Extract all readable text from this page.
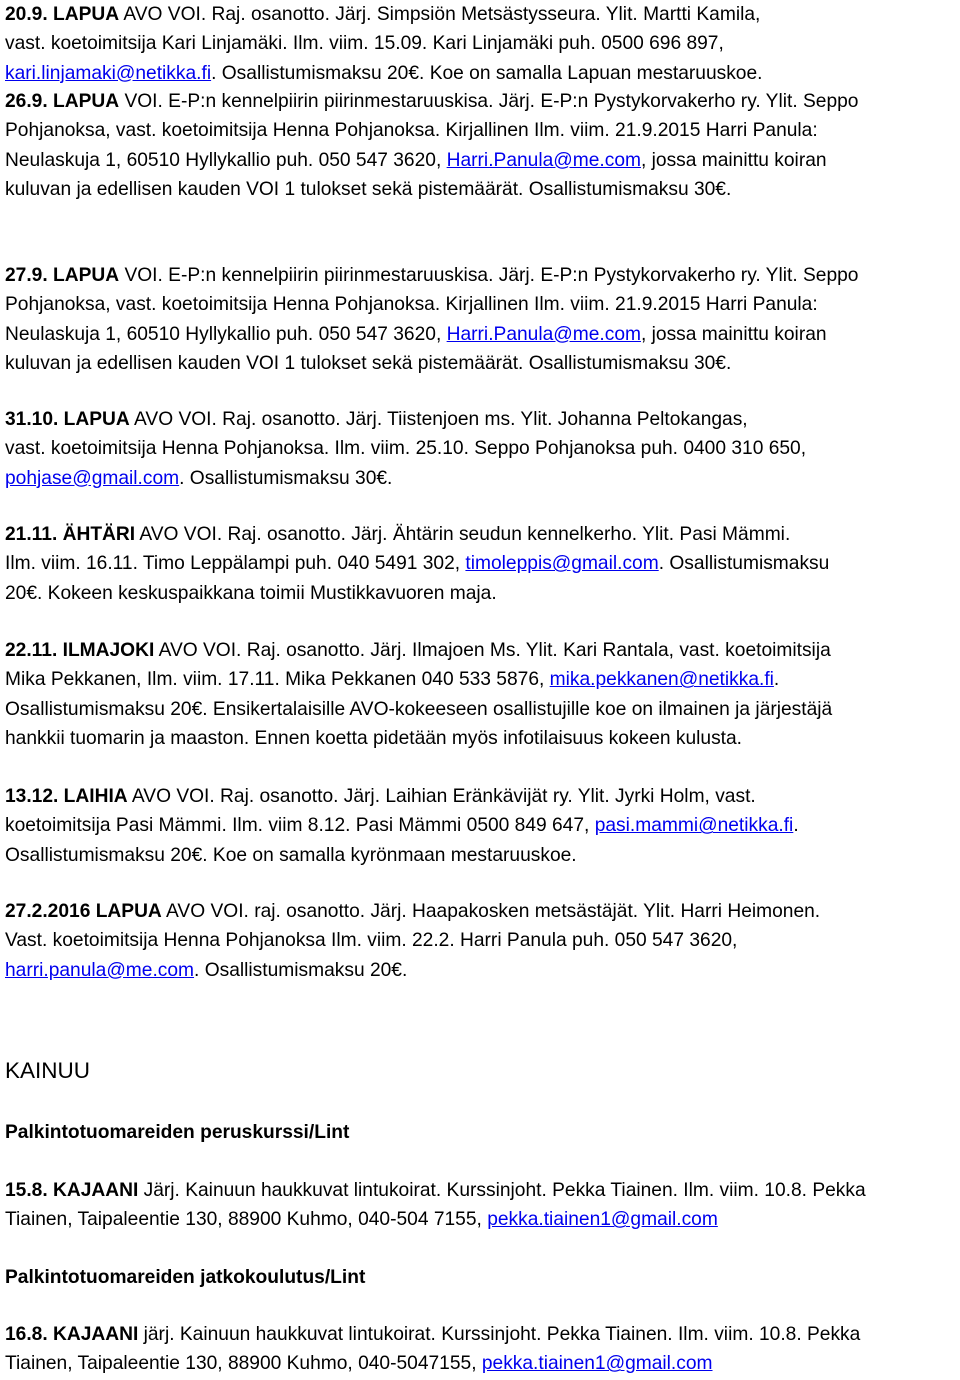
20.9. LAPUA AVO VOI. Raj. osanotto. Järj. Simpsiön Metsästysseura. Ylit. Martti Kamila,

vast. koetoimitsija Kari Linjamäki. Ilm. viim. 15.09. Kari Linjamäki puh. 0500 696 897,

kari.linjamaki@netikka.fi. Osallistumismaksu 20€. Koe on samalla Lapuan mestaruuskoe.

26.9. LAPUA VOI. E-P:n kennelpiirin piirinmestaruuskisa. Järj. E-P:n Pystykorvakerho ry. Ylit. Seppo

Pohjanoksa, vast. koetoimitsija Henna Pohjanoksa. Kirjallinen Ilm. viim. 21.9.2015 Harri Panula:

Neulaskuja 1, 60510 Hyllykallio puh. 050 547 3620, Harri.Panula@me.com, jossa mainittu koiran

kuluvan ja edellisen kauden VOI 1 tulokset sekä pistemäärät. Osallistumismaksu 30€.

27.9. LAPUA VOI. E-P:n kennelpiirin piirinmestaruuskisa. Järj. E-P:n Pystykorvakerho ry. Ylit. Seppo

Pohjanoksa, vast. koetoimitsija Henna Pohjanoksa. Kirjallinen Ilm. viim. 21.9.2015 Harri Panula:

Neulaskuja 1, 60510 Hyllykallio puh. 050 547 3620, Harri.Panula@me.com, jossa mainittu koiran

kuluvan ja edellisen kauden VOI 1 tulokset sekä pistemäärät. Osallistumismaksu 30€.

31.10. LAPUA AVO VOI. Raj. osanotto. Järj. Tiistenjoen ms. Ylit. Johanna Peltokangas,

vast. koetoimitsija Henna Pohjanoksa. Ilm. viim. 25.10. Seppo Pohjanoksa puh. 0400 310 650,

pohjase@gmail.com. Osallistumismaksu 30€.

21.11. ÄHTÄRI AVO VOI. Raj. osanotto. Järj. Ähtärin seudun kennelkerho. Ylit. Pasi Mämmi.

Ilm. viim. 16.11. Timo Leppälampi puh. 040 5491 302, timoleppis@gmail.com. Osallistumismaksu

20€. Kokeen keskuspaikkana toimii Mustikkavuoren maja.

22.11. ILMAJOKI AVO VOI. Raj. osanotto. Järj. Ilmajoen Ms. Ylit. Kari Rantala, vast. koetoimitsija

Mika Pekkanen, Ilm. viim. 17.11. Mika Pekkanen 040 533 5876, mika.pekkanen@netikka.fi.

Osallistumismaksu 20€. Ensikertalaisille AVO-kokeeseen osallistujille koe on ilmainen ja järjestäjä

hankkii tuomarin ja maaston. Ennen koetta pidetään myös infotilaisuus kokeen kulusta.

13.12. LAIHIA AVO VOI. Raj. osanotto. Järj. Laihian Eränkävijät ry. Ylit. Jyrki Holm, vast.

koetoimitsija Pasi Mämmi. Ilm. viim 8.12. Pasi Mämmi 0500 849 647, pasi.mammi@netikka.fi.

Osallistumismaksu 20€. Koe on samalla kyrönmaan mestaruuskoe.

27.2.2016 LAPUA AVO VOI. raj. osanotto. Järj. Haapakosken metsästäjät. Ylit. Harri Heimonen.

Vast. koetoimitsija Henna Pohjanoksa Ilm. viim. 22.2. Harri Panula puh. 050 547 3620,

harri.panula@me.com. Osallistumismaksu 20€.

KAINUU
Palkintotuomareiden peruskurssi/Lint

15.8. KAJAANI Järj. Kainuun haukkuvat lintukoirat. Kurssinjoht. Pekka Tiainen. Ilm. viim. 10.8. Pekka

Tiainen, Taipaleentie 130, 88900 Kuhmo, 040-504 7155, pekka.tiainen1@gmail.com

Palkintotuomareiden jatkokoulutus/Lint

16.8. KAJAANI järj. Kainuun haukkuvat lintukoirat. Kurssinjoht. Pekka Tiainen. Ilm. viim. 10.8. Pekka

Tiainen, Taipaleentie 130, 88900 Kuhmo, 040-5047155, pekka.tiainen1@gmail.com
